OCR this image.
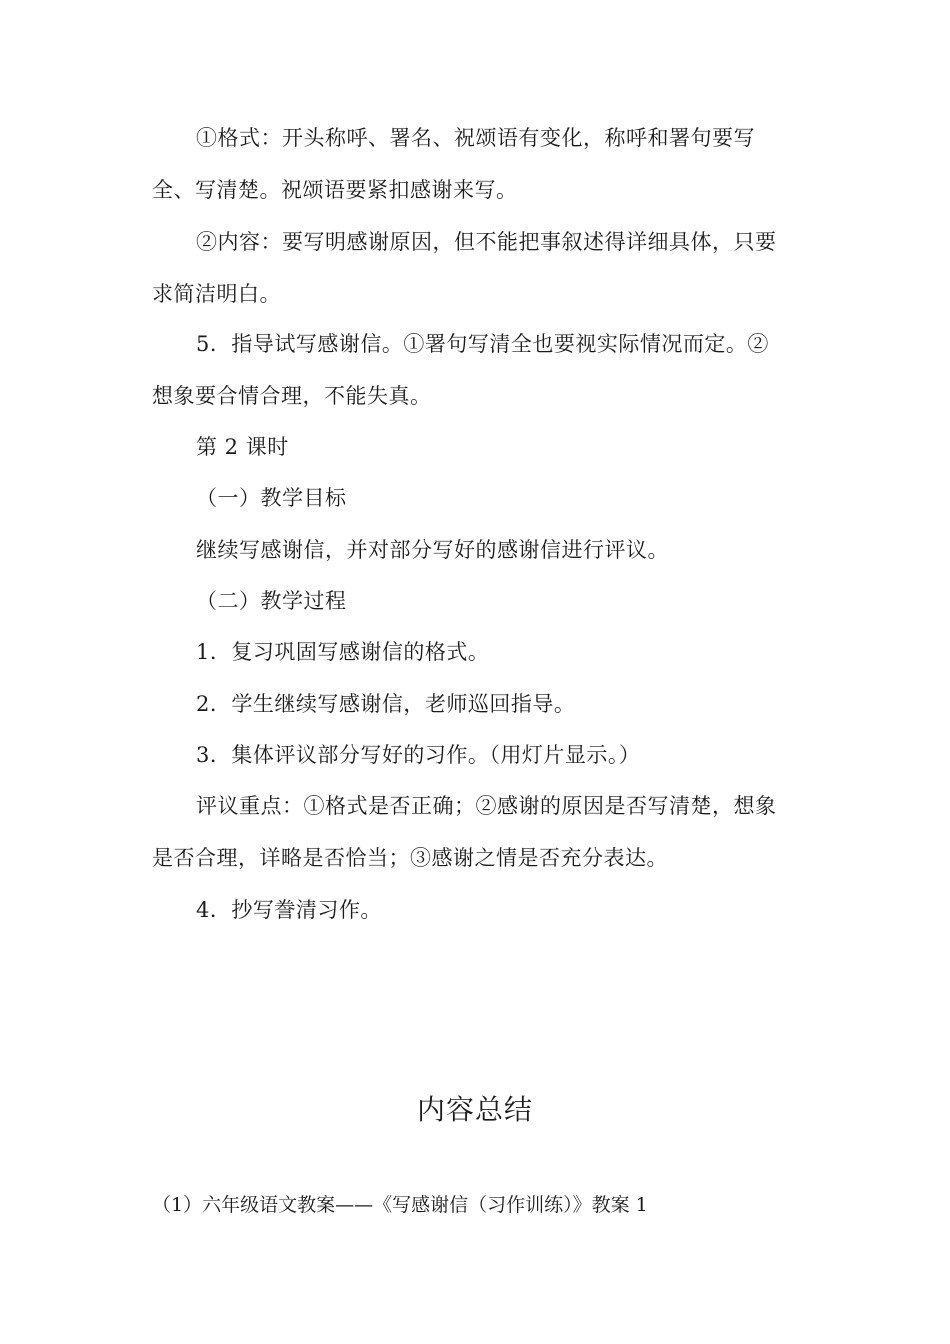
①格式：开头称呼、署名、祝颂语有变化，称呼和署句要写
全、写清楚。祝颂语要紧扣感谢来写。
②内容：要写明感谢原因，但不能把事叙述得详细具体，只要
求简洁明白。
5．指导试写感谢信。①署句写清全也要视实际情况而定。②
想象要合情合理，不能失真。
第 2 课时
（一）教学目标
继续写感谢信，并对部分写好的感谢信进行评议。
（二）教学过程
1．复习巩固写感谢信的格式。
2．学生继续写感谢信，老师巡回指导。
3．集体评议部分写好的习作。（用灯片显示。）
评议重点：①格式是否正确；②感谢的原因是否写清楚，想象
是否合理，详略是否恰当；③感谢之情是否充分表达。
4．抄写誊清习作。
内容总结
（1）六年级语文教案——《写感谢信（习作训练）》教案 1
